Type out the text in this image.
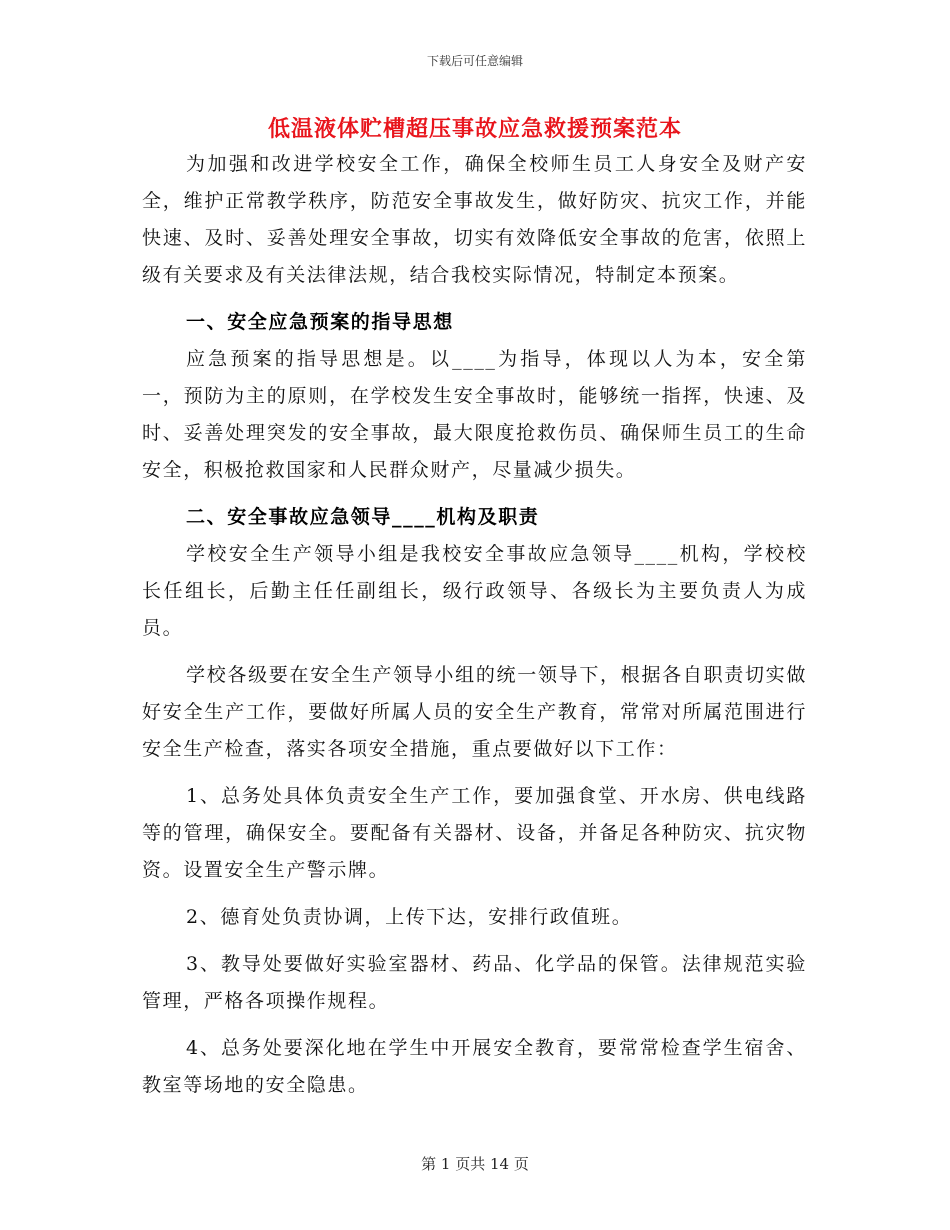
下载后可任意编辑
低温液体贮槽超压事故应急救援预案范本

为加强和改进学校安全工作，确保全校师生员工人身安全及财产安全，维护正常教学秩序，防范安全事故发生，做好防灾、抗灾工作，并能快速、及时、妥善处理安全事故，切实有效降低安全事故的危害，依照上级有关要求及有关法律法规，结合我校实际情况，特制定本预案。

一、安全应急预案的指导思想

应急预案的指导思想是。以____为指导，体现以人为本，安全第一，预防为主的原则，在学校发生安全事故时，能够统一指挥，快速、及时、妥善处理突发的安全事故，最大限度抢救伤员、确保师生员工的生命安全，积极抢救国家和人民群众财产，尽量减少损失。

二、安全事故应急领导____机构及职责

学校安全生产领导小组是我校安全事故应急领导____机构，学校校长任组长，后勤主任任副组长，级行政领导、各级长为主要负责人为成员。

学校各级要在安全生产领导小组的统一领导下，根据各自职责切实做好安全生产工作，要做好所属人员的安全生产教育，常常对所属范围进行安全生产检查，落实各项安全措施，重点要做好以下工作：

1、总务处具体负责安全生产工作，要加强食堂、开水房、供电线路等的管理，确保安全。要配备有关器材、设备，并备足各种防灾、抗灾物资。设置安全生产警示牌。

2、德育处负责协调，上传下达，安排行政值班。

3、教导处要做好实验室器材、药品、化学品的保管。法律规范实验管理，严格各项操作规程。

4、总务处要深化地在学生中开展安全教育，要常常检查学生宿舍、教室等场地的安全隐患。

第 1 页共 14 页
